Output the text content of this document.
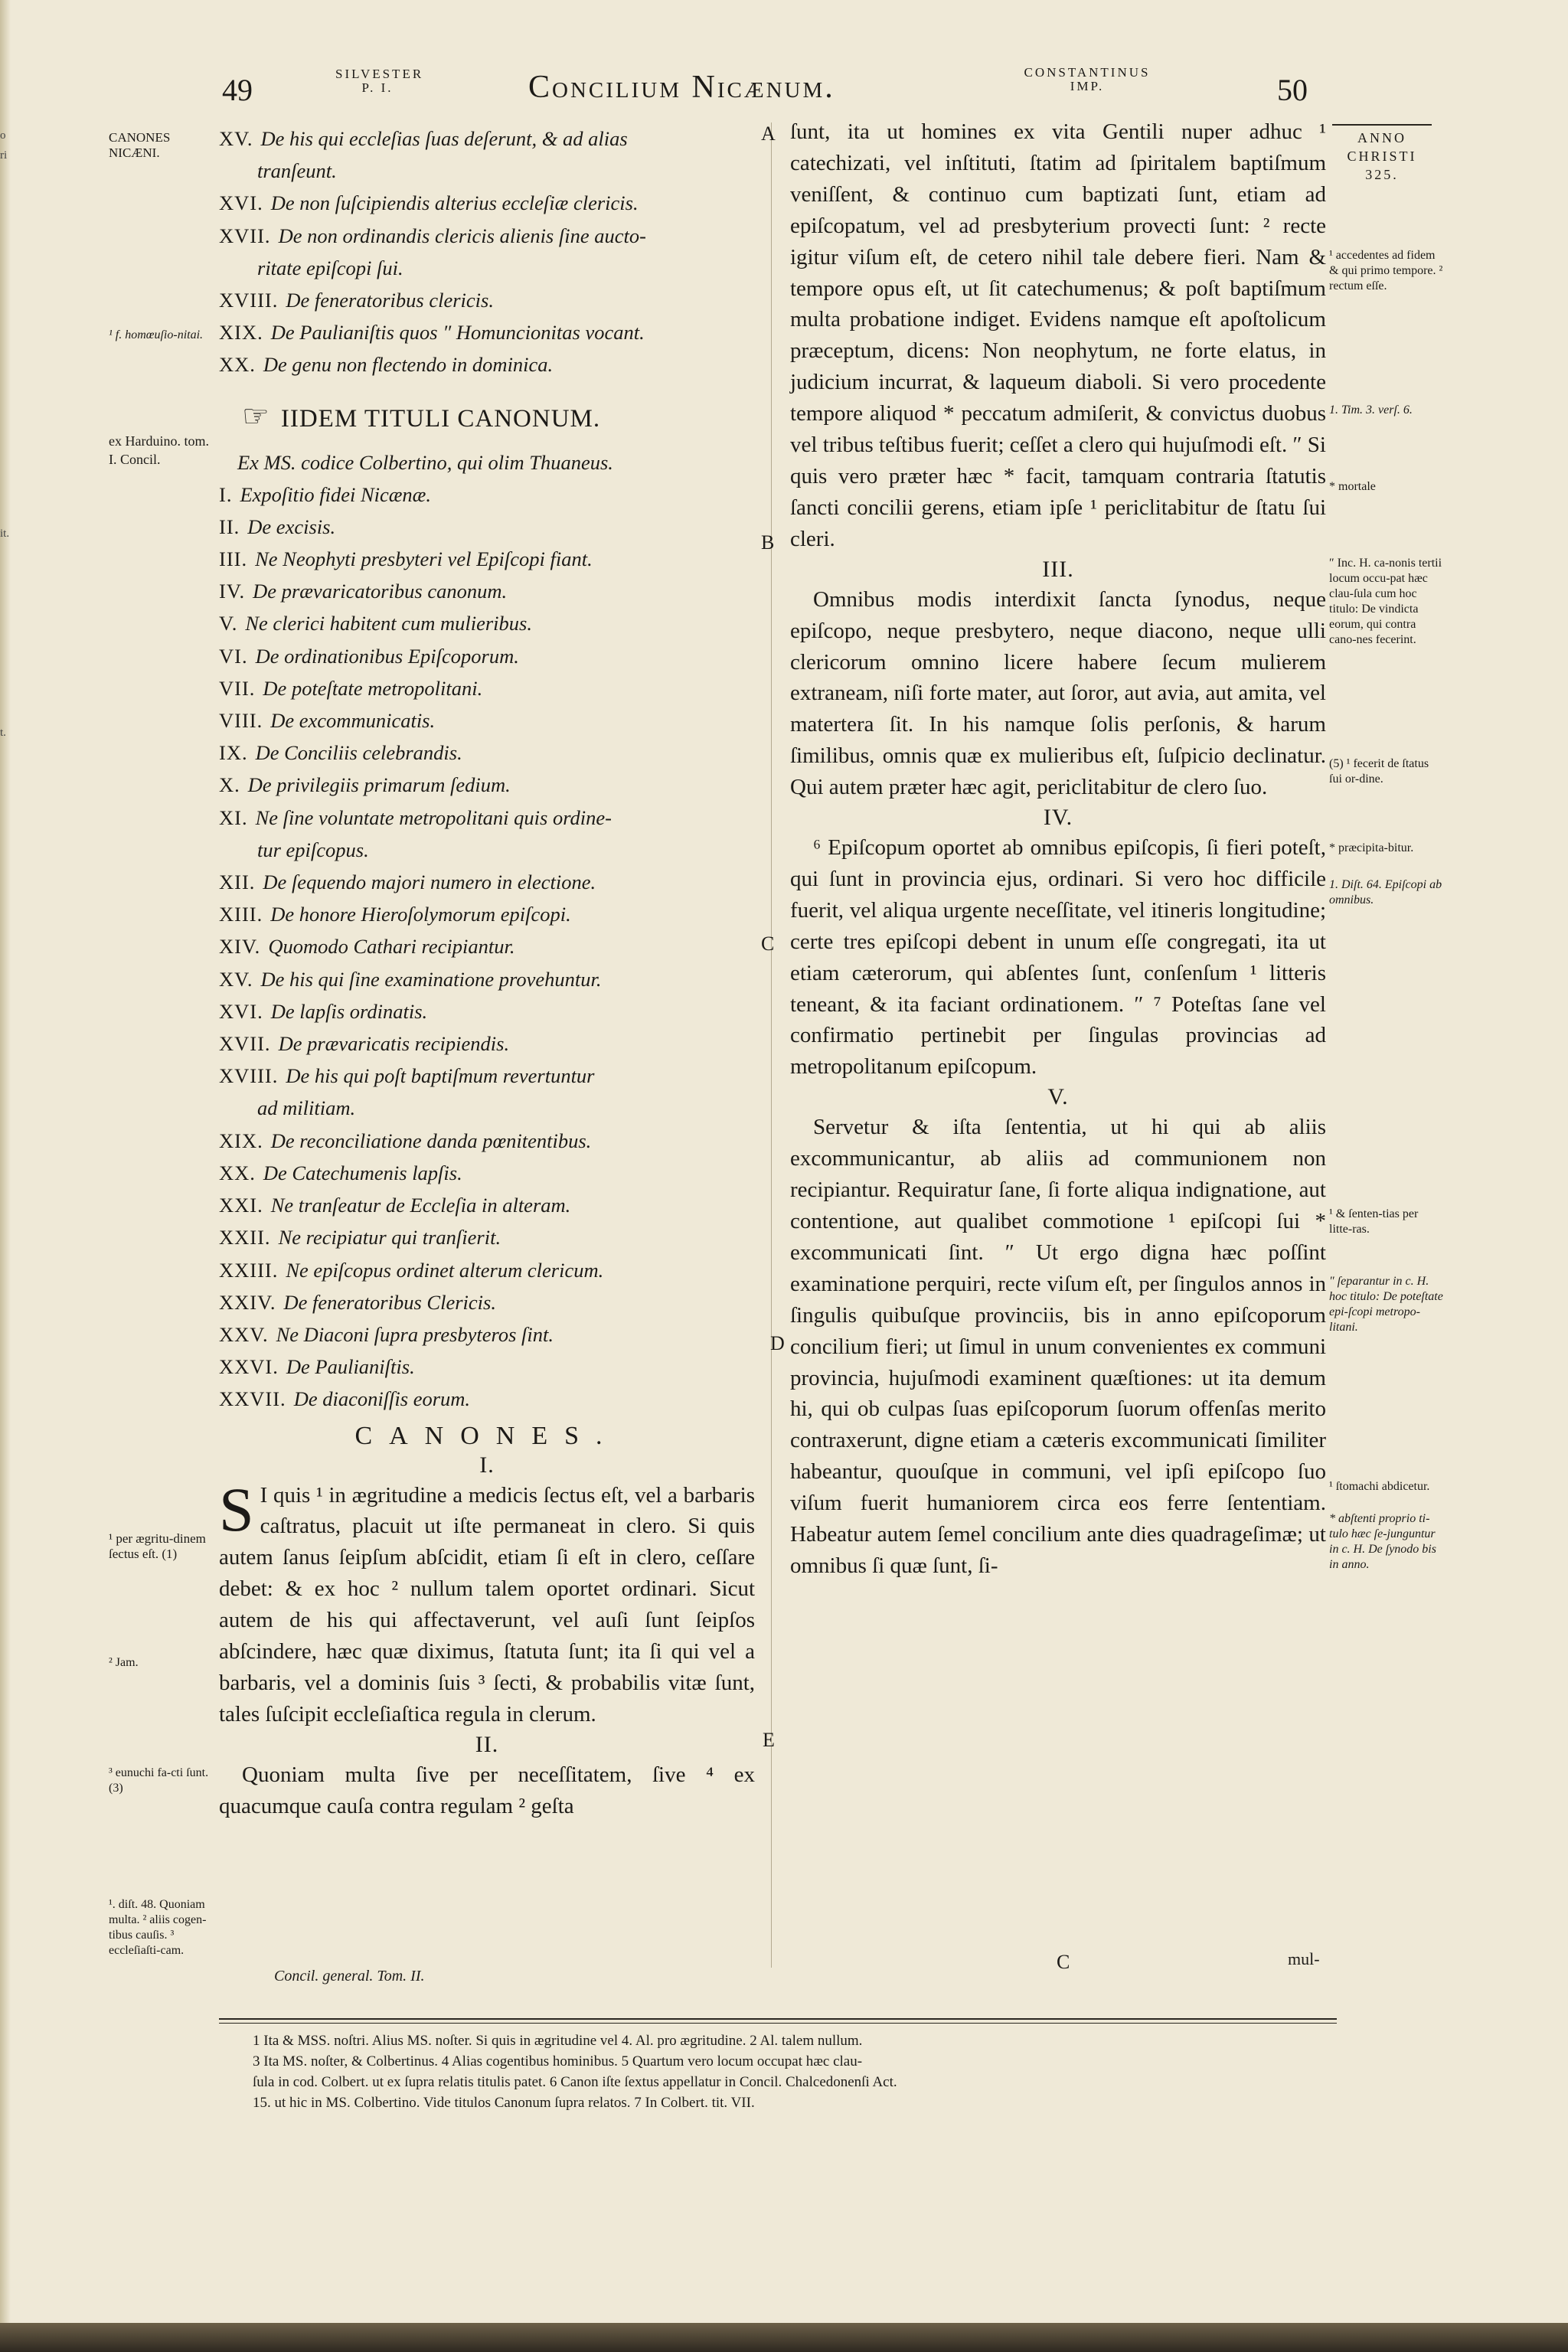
o
ri
it.
t.
49	SILVESTER
P. I.	Concilium Nicænum.	CONSTANTINUS
IMP.	50
ANNO CHRISTI 325.
CANONES NICÆNI.
¹ f. homœuſio-nitai.
ex Harduino. tom. I. Concil.
¹ per ægritu-dinem ſectus eſt. (1)
² Jam.
³ eunuchi fa-cti ſunt. (3)
¹. diſt. 48. Quoniam multa. ² aliis cogen-tibus cauſis. ³ eccleſiaſti-cam.
¹ accedentes ad fidem & qui primo tempore. ² rectum eſſe.
1. Tim. 3. verſ. 6.
* mortale
″ Inc. H. ca-nonis tertii locum occu-pat hæc clau-ſula cum hoc titulo: De vindicta eorum, qui contra cano-nes fecerint.
(5) ¹ fecerit de ſtatus ſui or-dine.
* præcipita-bitur.
1. Diſt. 64. Epiſcopi ab omnibus.
¹ & ſenten-tias per litte-ras.
″ ſeparantur in c. H. hoc titulo: De poteſtate epi-ſcopi metropo-litani.
¹ ſtomachi abdicetur.
* abſtenti proprio ti-tulo hæc ſe-junguntur in c. H. De ſynodo bis in anno.
A
B
C
D
E
C
XV. De his qui eccleſias ſuas deſerunt, & ad alias
tranſeunt.
XVI. De non ſuſcipiendis alterius eccleſiæ clericis.
XVII. De non ordinandis clericis alienis ſine aucto-
ritate epiſcopi ſui.
XVIII. De feneratoribus clericis.
XIX. De Paulianiſtis quos ″ Homuncionitas vocant.
XX. De genu non flectendo in dominica.
☞ IIDEM TITULI CANONUM.
Ex MS. codice Colbertino, qui olim Thuaneus.
I. Expoſitio fidei Nicænæ.
II. De excisis.
III. Ne Neophyti presbyteri vel Epiſcopi fiant.
IV. De prævaricatoribus canonum.
V. Ne clerici habitent cum mulieribus.
VI. De ordinationibus Epiſcoporum.
VII. De poteſtate metropolitani.
VIII. De excommunicatis.
IX. De Conciliis celebrandis.
X. De privilegiis primarum ſedium.
XI. Ne ſine voluntate metropolitani quis ordine-
tur epiſcopus.
XII. De ſequendo majori numero in electione.
XIII. De honore Hieroſolymorum epiſcopi.
XIV. Quomodo Cathari recipiantur.
XV. De his qui ſine examinatione provehuntur.
XVI. De lapſis ordinatis.
XVII. De prævaricatis recipiendis.
XVIII. De his qui poſt baptiſmum revertuntur
ad militiam.
XIX. De reconciliatione danda pœnitentibus.
XX. De Catechumenis lapſis.
XXI. Ne tranſeatur de Eccleſia in alteram.
XXII. Ne recipiatur qui tranſierit.
XXIII. Ne epiſcopus ordinet alterum clericum.
XXIV. De feneratoribus Clericis.
XXV. Ne Diaconi ſupra presbyteros ſint.
XXVI. De Paulianiſtis.
XXVII. De diaconiſſis eorum.
CANONES.
I.

S I quis ¹ in ægritudine a medicis ſectus eſt, vel a barbaris caſtratus, placuit ut iſte permaneat in clero. Si quis autem ſanus ſeipſum abſcidit, etiam ſi eſt in clero, ceſſare debet: & ex hoc ² nullum talem oportet ordinari. Sicut autem de his qui affectaverunt, vel auſi ſunt ſeipſos abſcindere, hæc quæ diximus, ſtatuta ſunt; ita ſi qui vel a barbaris, vel a dominis ſuis ³ ſecti, & probabilis vitæ ſunt, tales ſuſcipit eccleſiaſtica regula in clerum.

II.

Quoniam multa ſive per neceſſitatem, ſive ⁴ ex quacumque cauſa contra regulam ² geſta

Concil. general. Tom. II.

ſunt, ita ut homines ex vita Gentili nuper adhuc ¹ catechizati, vel inſtituti, ſtatim ad ſpiritalem baptiſmum veniſſent, & continuo cum baptizati ſunt, etiam ad epiſcopatum, vel ad presbyterium provecti ſunt: ² recte igitur viſum eſt, de cetero nihil tale debere fieri. Nam & tempore opus eſt, ut ſit catechumenus; & poſt baptiſmum multa probatione indiget. Evidens namque eſt apoſtolicum præceptum, dicens: Non neophytum, ne forte elatus, in judicium incurrat, & laqueum diaboli. Si vero procedente tempore aliquod * peccatum admiſerit, & convictus duobus vel tribus teſtibus fuerit; ceſſet a clero qui hujuſmodi eſt. ″ Si quis vero præter hæc * facit, tamquam contraria ſtatutis ſancti concilii gerens, etiam ipſe ¹ periclitabitur de ſtatu ſui cleri.

III.

Omnibus modis interdixit ſancta ſynodus, neque epiſcopo, neque presbytero, neque diacono, neque ulli clericorum omnino licere habere ſecum mulierem extraneam, niſi forte mater, aut ſoror, aut avia, aut amita, vel matertera ſit. In his namque ſolis perſonis, & harum ſimilibus, omnis quæ ex mulieribus eſt, ſuſpicio declinatur. Qui autem præter hæc agit, periclitabitur de clero ſuo.

IV.

⁶ Epiſcopum oportet ab omnibus epiſcopis, ſi fieri poteſt, qui ſunt in provincia ejus, ordinari. Si vero hoc difficile fuerit, vel aliqua urgente neceſſitate, vel itineris longitudine; certe tres epiſcopi debent in unum eſſe congregati, ita ut etiam cæterorum, qui abſentes ſunt, conſenſum ¹ litteris teneant, & ita faciant ordinationem. ″ ⁷ Poteſtas ſane vel confirmatio pertinebit per ſingulas provincias ad metropolitanum epiſcopum.

V.

Servetur & iſta ſententia, ut hi qui ab aliis excommunicantur, ab aliis ad communionem non recipiantur. Requiratur ſane, ſi forte aliqua indignatione, aut contentione, aut qualibet commotione ¹ epiſcopi ſui * excommunicati ſint. ″ Ut ergo digna hæc poſſint examinatione perquiri, recte viſum eſt, per ſingulos annos in ſingulis quibuſque provinciis, bis in anno epiſcoporum concilium fieri; ut ſimul in unum convenientes ex communi provincia, hujuſmodi examinent quæſtiones: ut ita demum hi, qui ob culpas ſuas epiſcoporum ſuorum offenſas merito contraxerunt, digne etiam a cæteris excommunicati ſimiliter habeantur, quouſque in communi, vel ipſi epiſcopo ſuo viſum fuerit humaniorem circa eos ferre ſententiam. Habeatur autem ſemel concilium ante dies quadrageſimæ; ut omnibus ſi quæ ſunt, ſi-

mul-
1 Ita & MSS. noſtri. Alius MS. noſter. Si quis in ægritudine vel 4. Al. pro ægritudine. 2 Al. talem nullum.
3 Ita MS. noſter, & Colbertinus. 4 Alias cogentibus hominibus. 5 Quartum vero locum occupat hæc clau-
ſula in cod. Colbert. ut ex ſupra relatis titulis patet. 6 Canon iſte ſextus appellatur in Concil. Chalcedonenſi Act.
15. ut hic in MS. Colbertino. Vide titulos Canonum ſupra relatos. 7 In Colbert. tit. VII.
